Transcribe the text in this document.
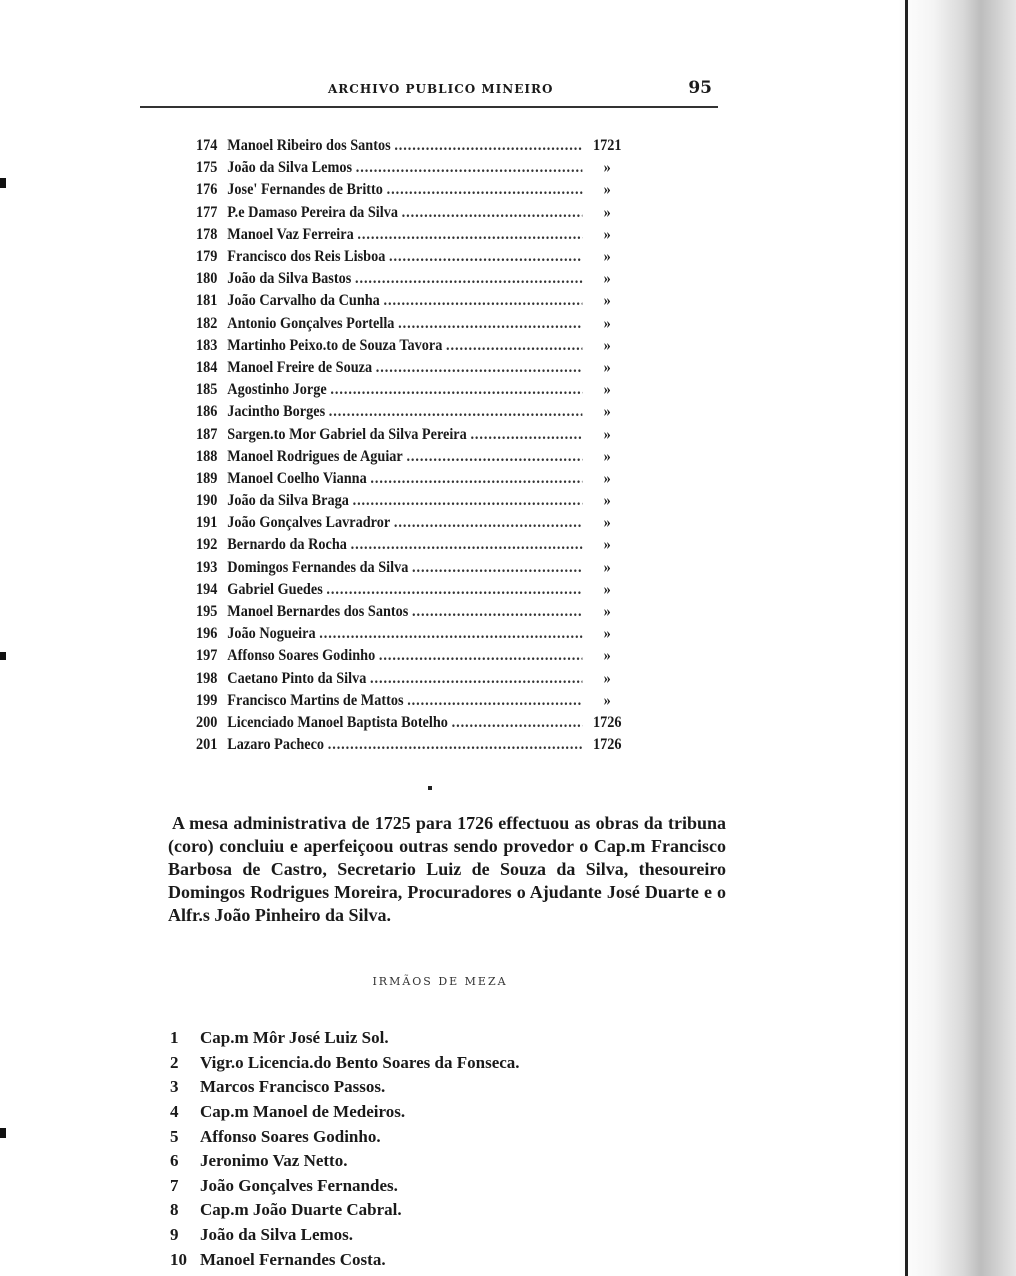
ARCHIVO PUBLICO MINEIRO	95
174 Manoel Ribeiro dos Santos .....	1721
175 João da Silva Lemos .....	»
176 Jose' Fernandes de Britto .....	»
177 P.e Damaso Pereira da Silva .....	»
178 Manoel Vaz Ferreira .....	»
179 Francisco dos Reis Lisboa .....	»
180 João da Silva Bastos .....	»
181 João Carvalho da Cunha .....	»
182 Antonio Gonçalves Portella .....	»
183 Martinho Peixo.to de Souza Tavora .....	»
184 Manoel Freire de Souza .....	»
185 Agostinho Jorge .....	»
186 Jacintho Borges .....	»
187 Sargen.to Mor Gabriel da Silva Pereira .....	»
188 Manoel Rodrigues de Aguiar .....	»
189 Manoel Coelho Vianna .....	»
190 João da Silva Braga .....	»
191 João Gonçalves Lavradror .....	»
192 Bernardo da Rocha .....	»
193 Domingos Fernandes da Silva .....	»
194 Gabriel Guedes .....	»
195 Manoel Bernardes dos Santos .....	»
196 João Nogueira .....	»
197 Affonso Soares Godinho .....	»
198 Caetano Pinto da Silva .....	»
199 Francisco Martins de Mattos .....	»
200 Licenciado Manoel Baptista Botelho .....	1726
201 Lazaro Pacheco .....	1726
A mesa administrativa de 1725 para 1726 effectuou as obras da tribuna (coro) concluiu e aperfeiçoou outras sendo provedor o Cap.m Francisco Barbosa de Castro, Secretario Luiz de Souza da Silva, thesoureiro Domingos Rodrigues Moreira, Procuradores o Ajudante José Duarte e o Alfr.s João Pinheiro da Silva.
IRMÃOS DE MEZA
1	Cap.m Môr José Luiz Sol.
2	Vigr.o Licencia.do Bento Soares da Fonseca.
3	Marcos Francisco Passos.
4	Cap.m Manoel de Medeiros.
5	Affonso Soares Godinho.
6	Jeronimo Vaz Netto.
7	João Gonçalves Fernandes.
8	Cap.m João Duarte Cabral.
9	João da Silva Lemos.
10 Manoel Fernandes Costa.
